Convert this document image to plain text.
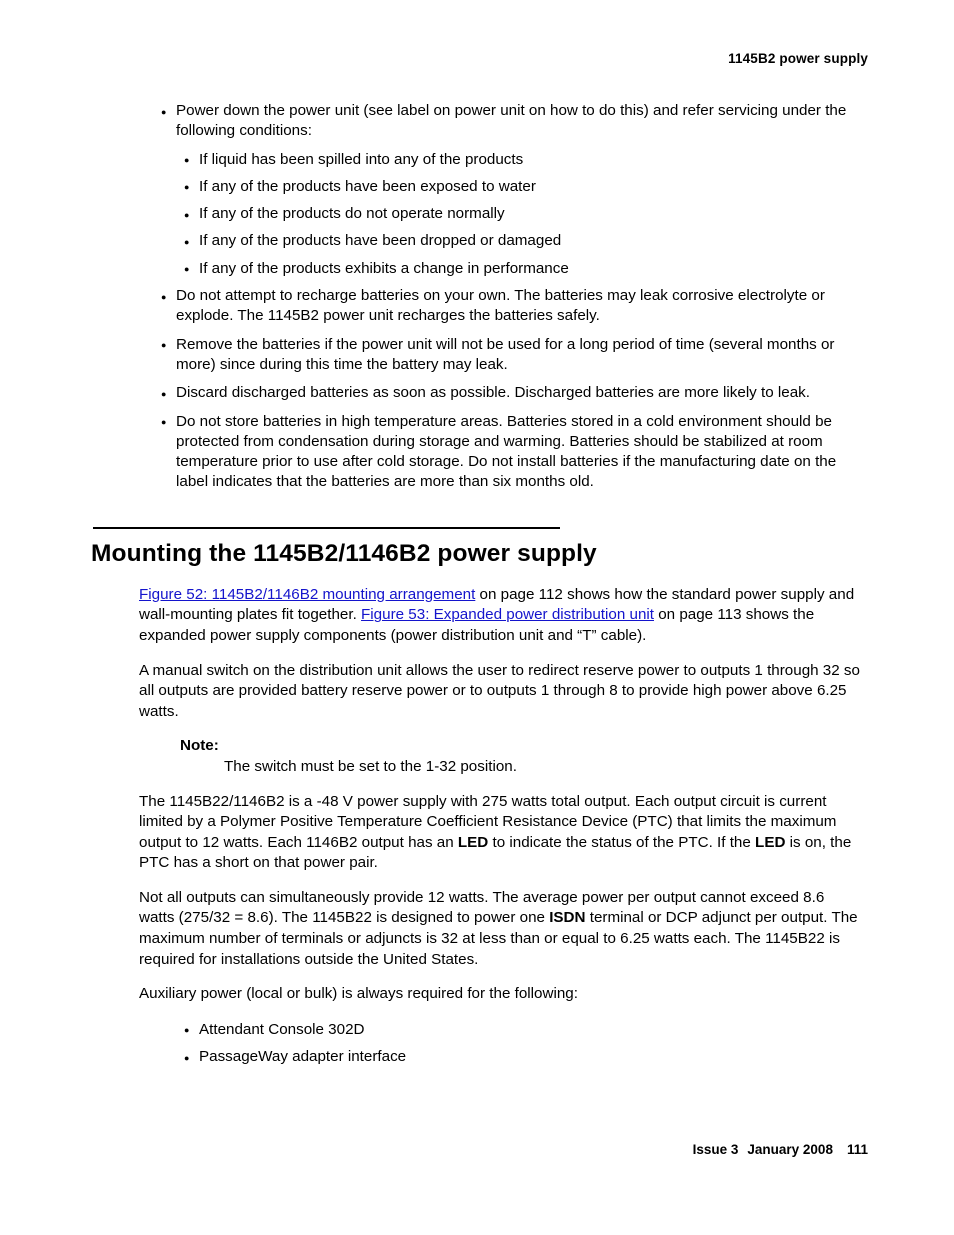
1145B2 power supply
● Power down the power unit (see label on power unit on how to do this) and refer servicing under the following conditions:
● If liquid has been spilled into any of the products
● If any of the products have been exposed to water
● If any of the products do not operate normally
● If any of the products have been dropped or damaged
● If any of the products exhibits a change in performance
● Do not attempt to recharge batteries on your own. The batteries may leak corrosive electrolyte or explode. The 1145B2 power unit recharges the batteries safely.
● Remove the batteries if the power unit will not be used for a long period of time (several months or more) since during this time the battery may leak.
● Discard discharged batteries as soon as possible. Discharged batteries are more likely to leak.
● Do not store batteries in high temperature areas. Batteries stored in a cold environment should be protected from condensation during storage and warming. Batteries should be stabilized at room temperature prior to use after cold storage. Do not install batteries if the manufacturing date on the label indicates that the batteries are more than six months old.
Mounting the 1145B2/1146B2 power supply

Figure 52: 1145B2/1146B2 mounting arrangement on page 112 shows how the standard power supply and wall-mounting plates fit together. Figure 53: Expanded power distribution unit on page 113 shows the expanded power supply components (power distribution unit and “T” cable).

A manual switch on the distribution unit allows the user to redirect reserve power to outputs 1 through 32 so all outputs are provided battery reserve power or to outputs 1 through 8 to provide high power above 6.25 watts.

Note:

The switch must be set to the 1-32 position.

The 1145B22/1146B2 is a -48 V power supply with 275 watts total output. Each output circuit is current limited by a Polymer Positive Temperature Coefficient Resistance Device (PTC) that limits the maximum output to 12 watts. Each 1146B2 output has an LED to indicate the status of the PTC. If the LED is on, the PTC has a short on that power pair.

Not all outputs can simultaneously provide 12 watts. The average power per output cannot exceed 8.6 watts (275/32 = 8.6). The 1145B22 is designed to power one ISDN terminal or DCP adjunct per output. The maximum number of terminals or adjuncts is 32 at less than or equal to 6.25 watts each. The 1145B22 is required for installations outside the United States.

Auxiliary power (local or bulk) is always required for the following:

● Attendant Console 302D
● PassageWay adapter interface
Issue 3 January 2008 111
